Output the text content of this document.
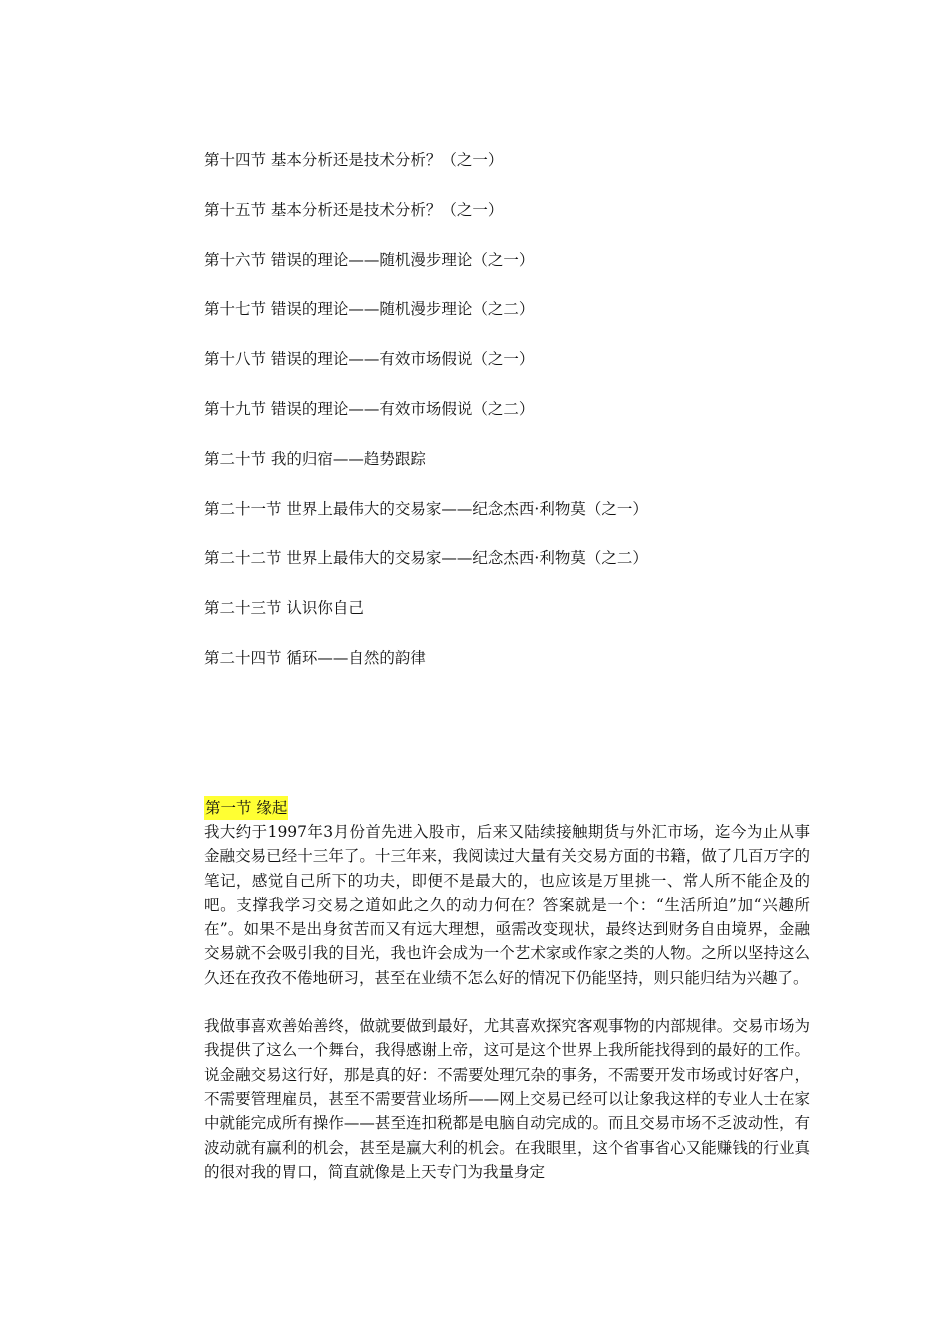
第十四节 基本分析还是技术分析？（之一）
第十五节 基本分析还是技术分析？（之一）
第十六节 错误的理论——随机漫步理论（之一）
第十七节 错误的理论——随机漫步理论（之二）
第十八节 错误的理论——有效市场假说（之一）
第十九节 错误的理论——有效市场假说（之二）
第二十节 我的归宿——趋势跟踪
第二十一节 世界上最伟大的交易家——纪念杰西·利物莫（之一）
第二十二节 世界上最伟大的交易家——纪念杰西·利物莫（之二）
第二十三节 认识你自己
第二十四节 循环——自然的韵律
第一节 缘起

我大约于1997年3月份首先进入股市，后来又陆续接触期货与外汇市场，迄今为止从事金融交易已经十三年了。十三年来，我阅读过大量有关交易方面的书籍，做了几百万字的笔记，感觉自己所下的功夫，即便不是最大的，也应该是万里挑一、常人所不能企及的吧。支撑我学习交易之道如此之久的动力何在？答案就是一个：“生活所迫”加“兴趣所在”。如果不是出身贫苦而又有远大理想，亟需改变现状，最终达到财务自由境界，金融交易就不会吸引我的目光，我也许会成为一个艺术家或作家之类的人物。之所以坚持这么久还在孜孜不倦地研习，甚至在业绩不怎么好的情况下仍能坚持，则只能归结为兴趣了。

我做事喜欢善始善终，做就要做到最好，尤其喜欢探究客观事物的内部规律。交易市场为我提供了这么一个舞台，我得感谢上帝，这可是这个世界上我所能找得到的最好的工作。说金融交易这行好，那是真的好：不需要处理冗杂的事务，不需要开发市场或讨好客户，不需要管理雇员，甚至不需要营业场所——网上交易已经可以让象我这样的专业人士在家中就能完成所有操作——甚至连扣税都是电脑自动完成的。而且交易市场不乏波动性，有波动就有赢利的机会，甚至是赢大利的机会。在我眼里，这个省事省心又能赚钱的行业真的很对我的胃口，简直就像是上天专门为我量身定
